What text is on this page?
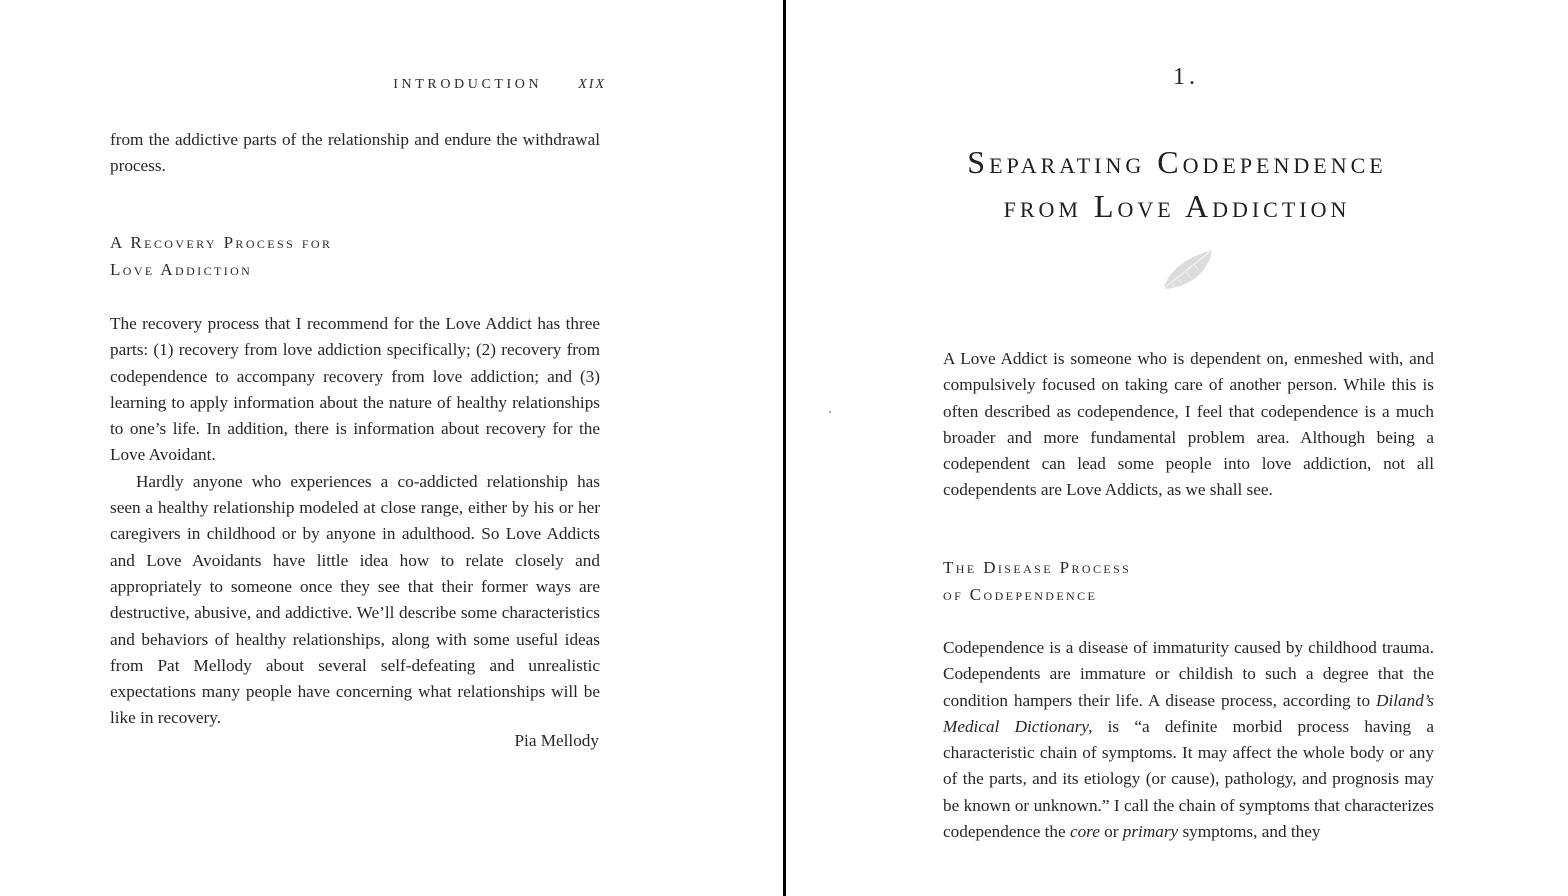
INTRODUCTION	XIX

from the addictive parts of the relationship and endure the withdrawal process.

A Recovery Process for
Love Addiction

The recovery process that I recommend for the Love Addict has three parts: (1) recovery from love addiction specifically; (2) recovery from codependence to accompany recovery from love addiction; and (3) learning to apply information about the nature of healthy relationships to one’s life. In addition, there is information about recovery for the Love Avoidant.

Hardly anyone who experiences a co-addicted relationship has seen a healthy relationship modeled at close range, either by his or her caregivers in childhood or by anyone in adulthood. So Love Addicts and Love Avoidants have little idea how to relate closely and appropriately to someone once they see that their former ways are destructive, abusive, and addictive. We’ll describe some characteristics and behaviors of healthy relationships, along with some useful ideas from Pat Mellody about several self-defeating and unrealistic expectations many people have concerning what relationships will be like in recovery.

Pia Mellody
1.
Separating Codependence
from Love Addiction

A Love Addict is someone who is dependent on, enmeshed with, and compulsively focused on taking care of another person. While this is often described as codependence, I feel that codependence is a much broader and more fundamental problem area. Although being a codependent can lead some people into love addiction, not all codependents are Love Addicts, as we shall see.

The Disease Process
of Codependence

Codependence is a disease of immaturity caused by childhood trauma. Codependents are immature or childish to such a degree that the condition hampers their life. A disease process, according to Diland’s Medical Dictionary, is “a definite morbid process having a characteristic chain of symptoms. It may affect the whole body or any of the parts, and its etiology (or cause), pathology, and prognosis may be known or unknown.” I call the chain of symptoms that characterizes codependence the core or primary symptoms, and they
